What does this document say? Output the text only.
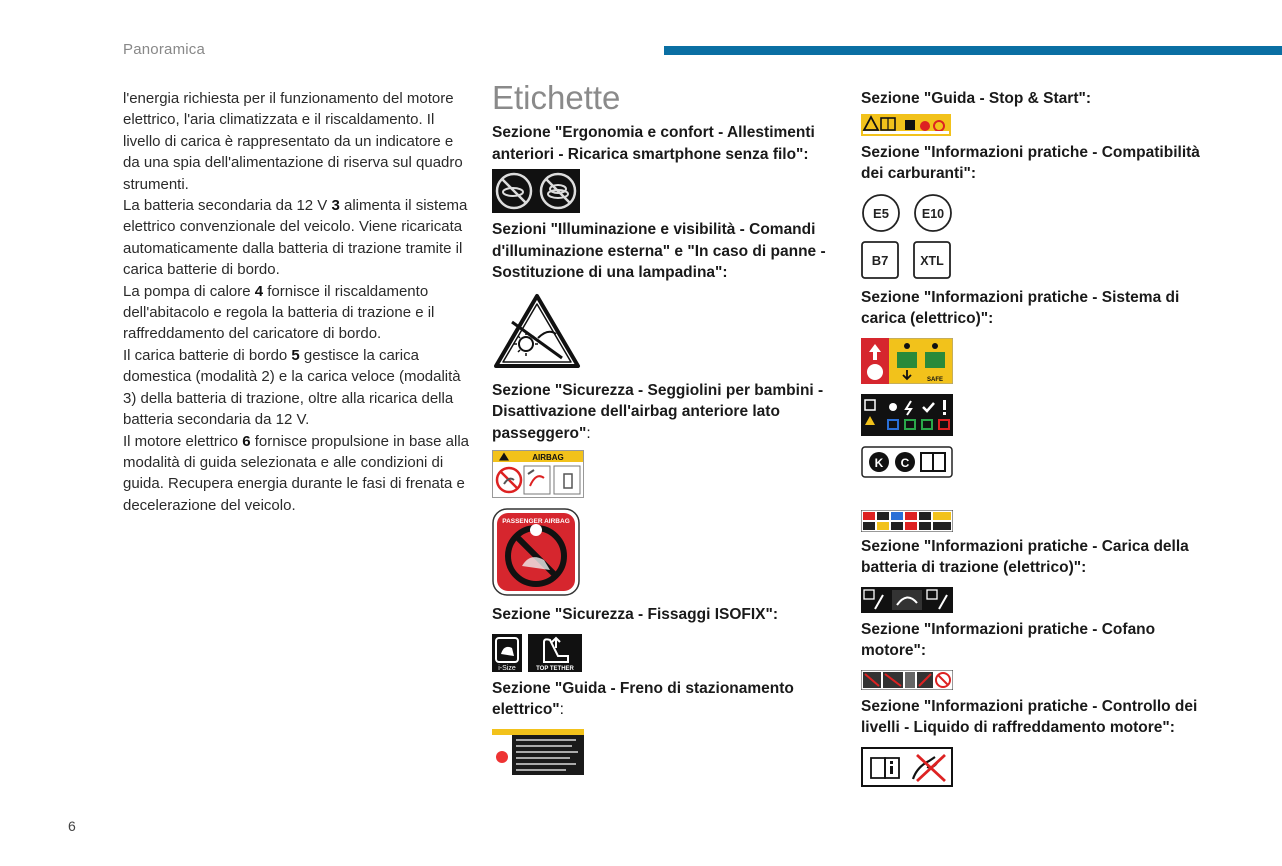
Panoramica

l'energia richiesta per il funzionamento del motore elettrico, l'aria climatizzata e il riscaldamento. Il livello di carica è rappresentato da un indicatore e da una spia dell'alimentazione di riserva sul quadro strumenti.

La batteria secondaria da 12 V 3 alimenta il sistema elettrico convenzionale del veicolo. Viene ricaricata automaticamente dalla batteria di trazione tramite il carica batterie di bordo.

La pompa di calore 4 fornisce il riscaldamento dell'abitacolo e regola la batteria di trazione e il raffreddamento del caricatore di bordo.

Il carica batterie di bordo 5 gestisce la carica domestica (modalità 2) e la carica veloce (modalità 3) della batteria di trazione, oltre alla ricarica della batteria secondaria da 12 V.

Il motore elettrico 6 fornisce propulsione in base alla modalità di guida selezionata e alle condizioni di guida. Recupera energia durante le fasi di frenata e decelerazione del veicolo.

Etichette

Sezione "Ergonomia e confort - Allestimenti anteriori - Ricarica smartphone senza filo":

Sezioni "Illuminazione e visibilità - Comandi d'illuminazione esterna" e "In caso di panne - Sostituzione di una lampadina":

Sezione "Sicurezza - Seggiolini per bambini - Disattivazione dell'airbag anteriore lato passeggero":

AIRBAG
PASSENGER AIRBAG

Sezione "Sicurezza - Fissaggi ISOFIX":

i-Size	TOP TETHER

Sezione "Guida - Freno di stazionamento elettrico":

Sezione "Guida - Stop & Start":

Sezione "Informazioni pratiche - Compatibilità dei carburanti":

E5	E10
B7	XTL

Sezione "Informazioni pratiche - Sistema di carica (elettrico)":

SAFE
K C

Sezione "Informazioni pratiche - Carica della batteria di trazione (elettrico)":

Sezione "Informazioni pratiche - Cofano motore":

Sezione "Informazioni pratiche - Controllo dei livelli - Liquido di raffreddamento motore":

6
